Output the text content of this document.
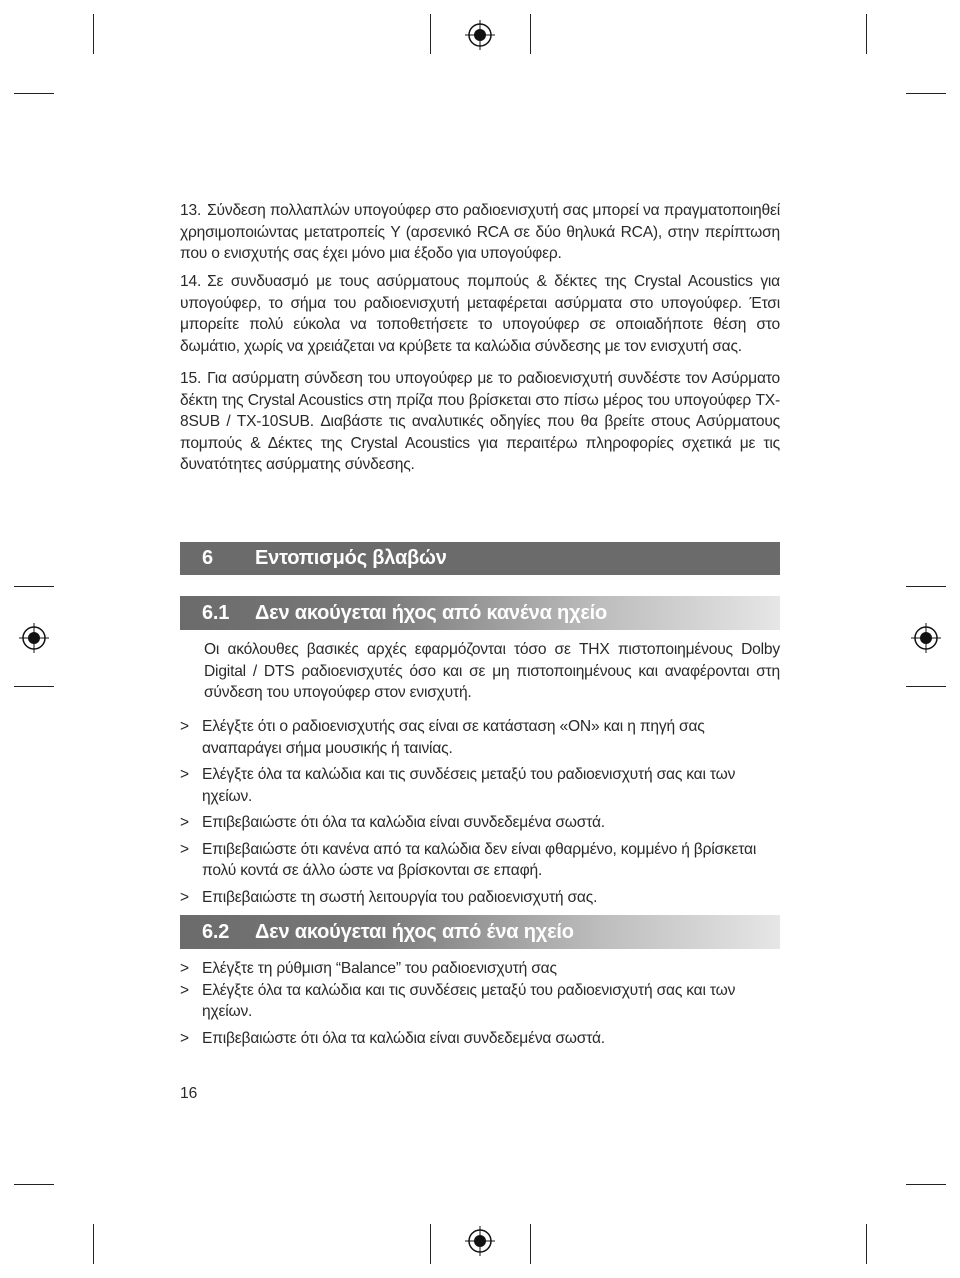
13. Σύνδεση πολλαπλών υπογούφερ στο ραδιοενισχυτή σας μπορεί να πραγματοποιηθεί χρησιμοποιώντας μετατροπείς Y (αρσενικό RCA σε δύο θηλυκά RCA), στην περίπτωση που ο ενισχυτής σας έχει μόνο μια έξοδο για υπογούφερ.

14. Σε συνδυασμό με τους ασύρματους πομπούς & δέκτες της Crystal Acoustics για υπογούφερ, το σήμα του ραδιοενισχυτή μεταφέρεται ασύρματα στο υπογούφερ. Έτσι μπορείτε πολύ εύκολα να τοποθετήσετε το υπογούφερ σε οποιαδήποτε θέση στο δωμάτιο, χωρίς να χρειάζεται να κρύβετε τα καλώδια σύνδεσης με τον ενισχυτή σας.

15. Για ασύρματη σύνδεση του υπογούφερ με το ραδιοενισχυτή συνδέστε τον Ασύρματο δέκτη της Crystal Acoustics στη πρίζα που βρίσκεται στο πίσω μέρος του υπογούφερ TX-8SUB / TX-10SUB. Διαβάστε τις αναλυτικές οδηγίες που θα βρείτε στους Ασύρματους πομπούς & Δέκτες της Crystal Acoustics για περαιτέρω πληροφορίες σχετικά με τις δυνατότητες ασύρματης σύνδεσης.

6 Εντοπισμός βλαβών
6.1 Δεν ακούγεται ήχος από κανένα ηχείο

Οι ακόλουθες βασικές αρχές εφαρμόζονται τόσο σε THX πιστοποιημένους Dolby Digital / DTS ραδιοενισχυτές όσο και σε μη πιστοποιημένους και αναφέρονται στη σύνδεση του υπογούφερ στον ενισχυτή.

> Ελέγξτε ότι ο ραδιοενισχυτής σας είναι σε κατάσταση «ON» και η πηγή σας αναπαράγει σήμα μουσικής ή ταινίας.
> Ελέγξτε όλα τα καλώδια και τις συνδέσεις μεταξύ του ραδιοενισχυτή σας και των ηχείων.
> Επιβεβαιώστε ότι όλα τα καλώδια είναι συνδεδεμένα σωστά.
> Επιβεβαιώστε ότι κανένα από τα καλώδια δεν είναι φθαρμένο, κομμένο ή βρίσκεται πολύ κοντά σε άλλο ώστε να βρίσκονται σε επαφή.
> Επιβεβαιώστε τη σωστή λειτουργία του ραδιοενισχυτή σας.
6.2 Δεν ακούγεται ήχος από ένα ηχείο
> Ελέγξτε τη ρύθμιση “Balance” του ραδιοενισχυτή σας
> Ελέγξτε όλα τα καλώδια και τις συνδέσεις μεταξύ του ραδιοενισχυτή σας και των ηχείων.
> Επιβεβαιώστε ότι όλα τα καλώδια είναι συνδεδεμένα σωστά.
16
